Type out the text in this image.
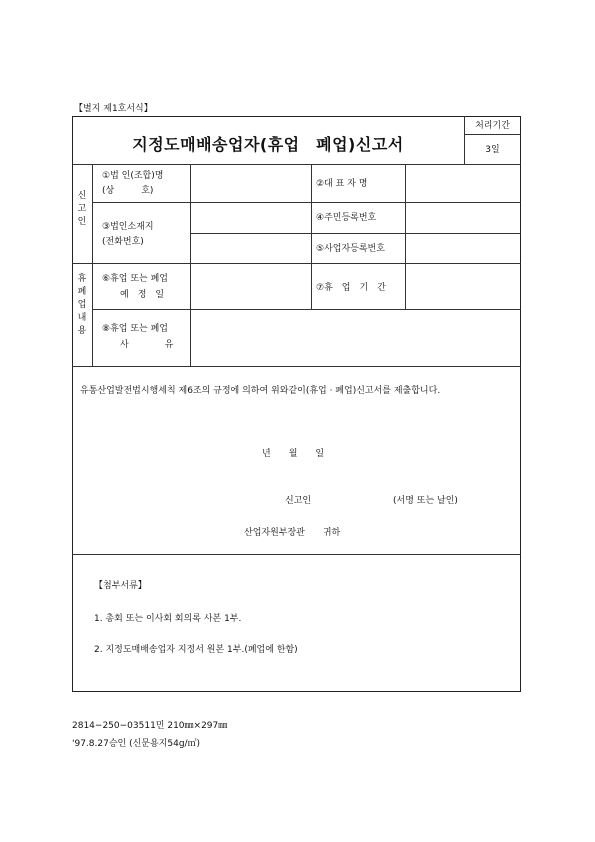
【별지 제1호서식】
지정도매배송업자(휴업　폐업)신고서
처리기간
3일
신고인
①법 인(조합)명
(상　　　호)
②대 표 자 명
③법인소재지
(전화번호)
④주민등록번호
⑤사업자등록번호
휴폐업내용
⑥휴업 또는 폐업
예　정　일
⑦휴　업　기　간
⑧휴업 또는 폐업
사　　　　유
유통산업발전법시행세칙 제6조의 규정에 의하여 위와같이(휴업 · 폐업)신고서를 제출합니다.
년　　월　　일
신고인	(서명 또는 날인)
산업자원부장관　　귀하
【첨부서류】
1. 총회 또는 이사회 회의록 사본 1부.
2. 지정도매배송업자 지정서 원본 1부.(폐업에 한함)
2814−250−03511민 210㎜×297㎜
'97.8.27승인 (신문용지54g/㎡)
